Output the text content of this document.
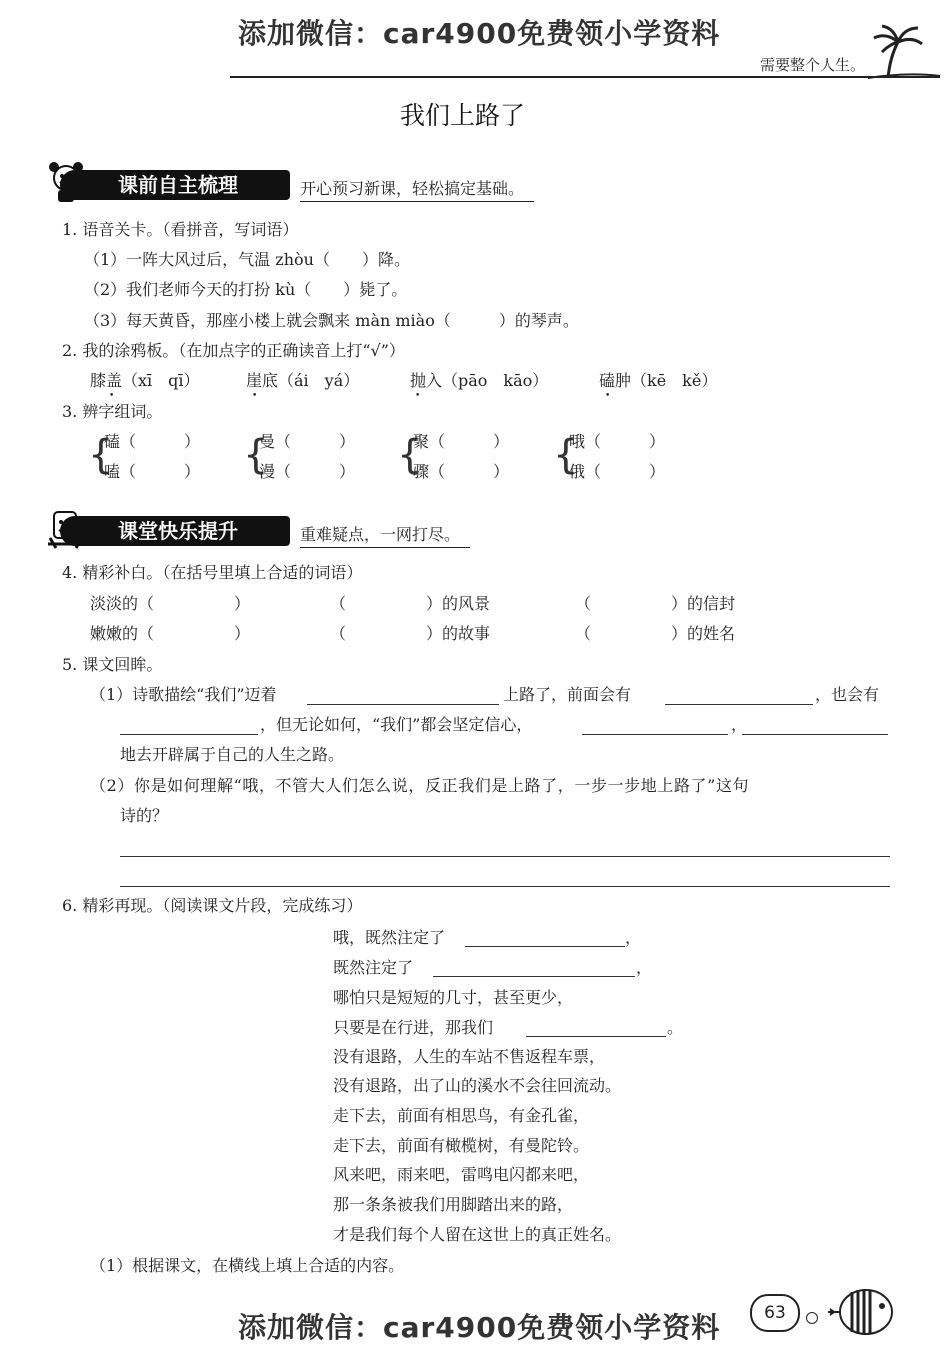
添加微信：car4900免费领小学资料
需要整个人生。
我们上路了
课前自主梳理	开心预习新课，轻松搞定基础。
1. 语音关卡。（看拼音，写词语）
（1）一阵大风过后，气温 zhòu（　　）降。
（2）我们老师今天的打扮 kù（　　）毙了。
（3）每天黄昏，那座小楼上就会飘来 màn miào（　　　）的琴声。
2. 我的涂鸦板。（在加点字的正确读音上打“√”）
膝盖（xī　qī）	崖底（ái　yá）	抛入（pāo　kāo）	磕肿（kē　kě）
•	•	•	•
3. 辨字组词。
{
磕（　　　）
嗑（　　　） {
曼（　　　）
漫（　　　） {
聚（　　　）
骤（　　　） {
哦（　　　）
俄（　　　）
课堂快乐提升	重难疑点，一网打尽。
4. 精彩补白。（在括号里填上合适的词语）
淡淡的（　　　　　）	（　　　　　）的风景	（　　　　　）的信封
嫩嫩的（　　　　　）	（　　　　　）的故事	（　　　　　）的姓名
5. 课文回眸。
（1）诗歌描绘“我们”迈着	上路了，前面会有	，也会有
，但无论如何，“我们”都会坚定信心，	，
地去开辟属于自己的人生之路。
（2）你是如何理解“哦，不管大人们怎么说，反正我们是上路了，一步一步地上路了”这句
诗的？
6. 精彩再现。（阅读课文片段，完成练习）
哦，既然注定了	，
既然注定了	，
哪怕只是短短的几寸，甚至更少，
只要是在行进，那我们	。
没有退路，人生的车站不售返程车票，
没有退路，出了山的溪水不会往回流动。
走下去，前面有相思鸟，有金孔雀，
走下去，前面有橄榄树，有曼陀铃。
风来吧，雨来吧，雷鸣电闪都来吧，
那一条条被我们用脚踏出来的路，
才是我们每个人留在这世上的真正姓名。
（1）根据课文，在横线上填上合适的内容。
添加微信：car4900免费领小学资料	63
